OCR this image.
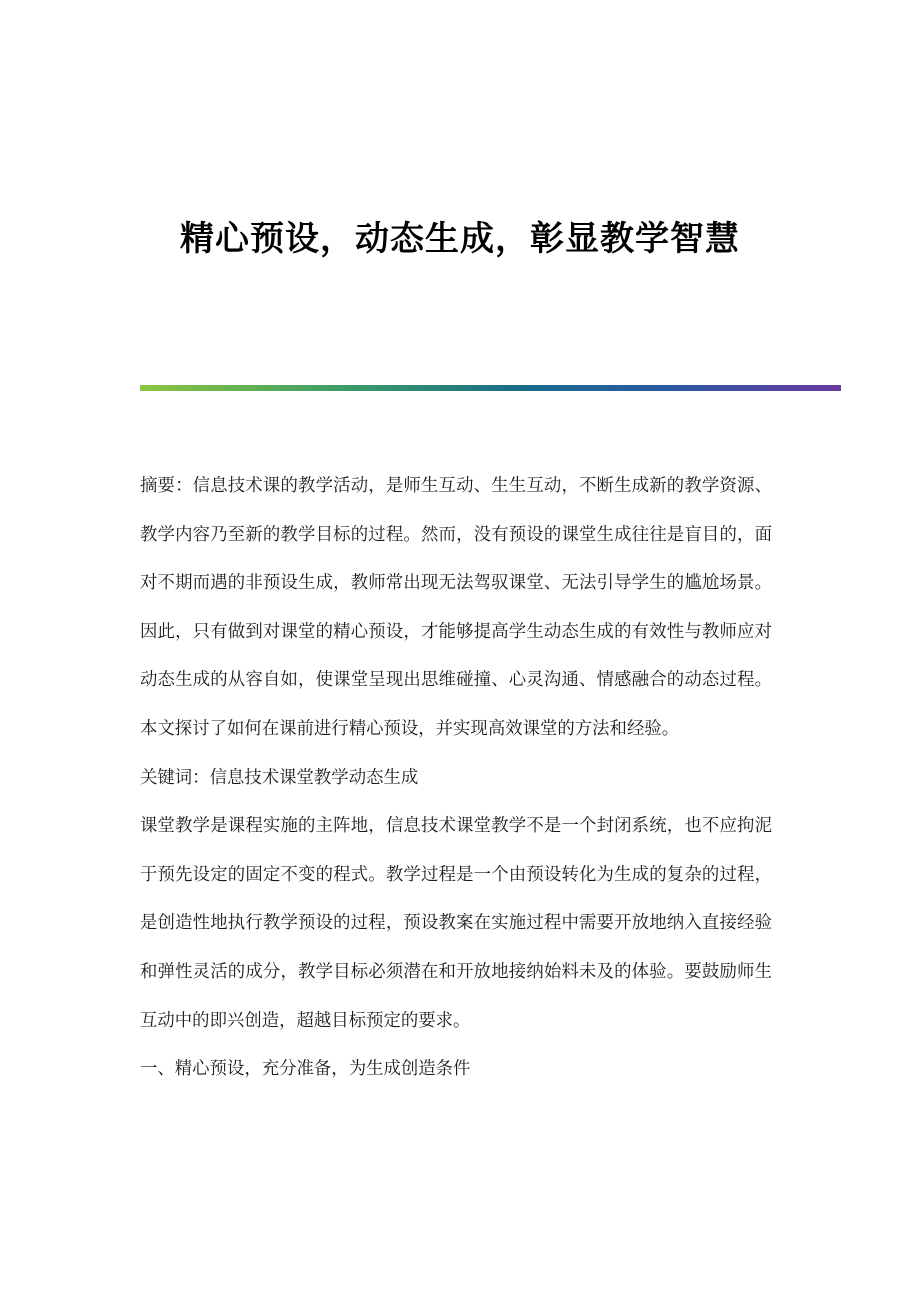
精心预设，动态生成，彰显教学智慧

摘要：信息技术课的教学活动，是师生互动、生生互动，不断生成新的教学资源、教学内容乃至新的教学目标的过程。然而，没有预设的课堂生成往往是盲目的，面对不期而遇的非预设生成，教师常出现无法驾驭课堂、无法引导学生的尴尬场景。因此，只有做到对课堂的精心预设，才能够提高学生动态生成的有效性与教师应对动态生成的从容自如，使课堂呈现出思维碰撞、心灵沟通、情感融合的动态过程。本文探讨了如何在课前进行精心预设，并实现高效课堂的方法和经验。

关键词：信息技术课堂教学动态生成

课堂教学是课程实施的主阵地，信息技术课堂教学不是一个封闭系统，也不应拘泥于预先设定的固定不变的程式。教学过程是一个由预设转化为生成的复杂的过程，是创造性地执行教学预设的过程，预设教案在实施过程中需要开放地纳入直接经验和弹性灵活的成分，教学目标必须潜在和开放地接纳始料未及的体验。要鼓励师生互动中的即兴创造，超越目标预定的要求。

一、精心预设，充分准备，为生成创造条件
